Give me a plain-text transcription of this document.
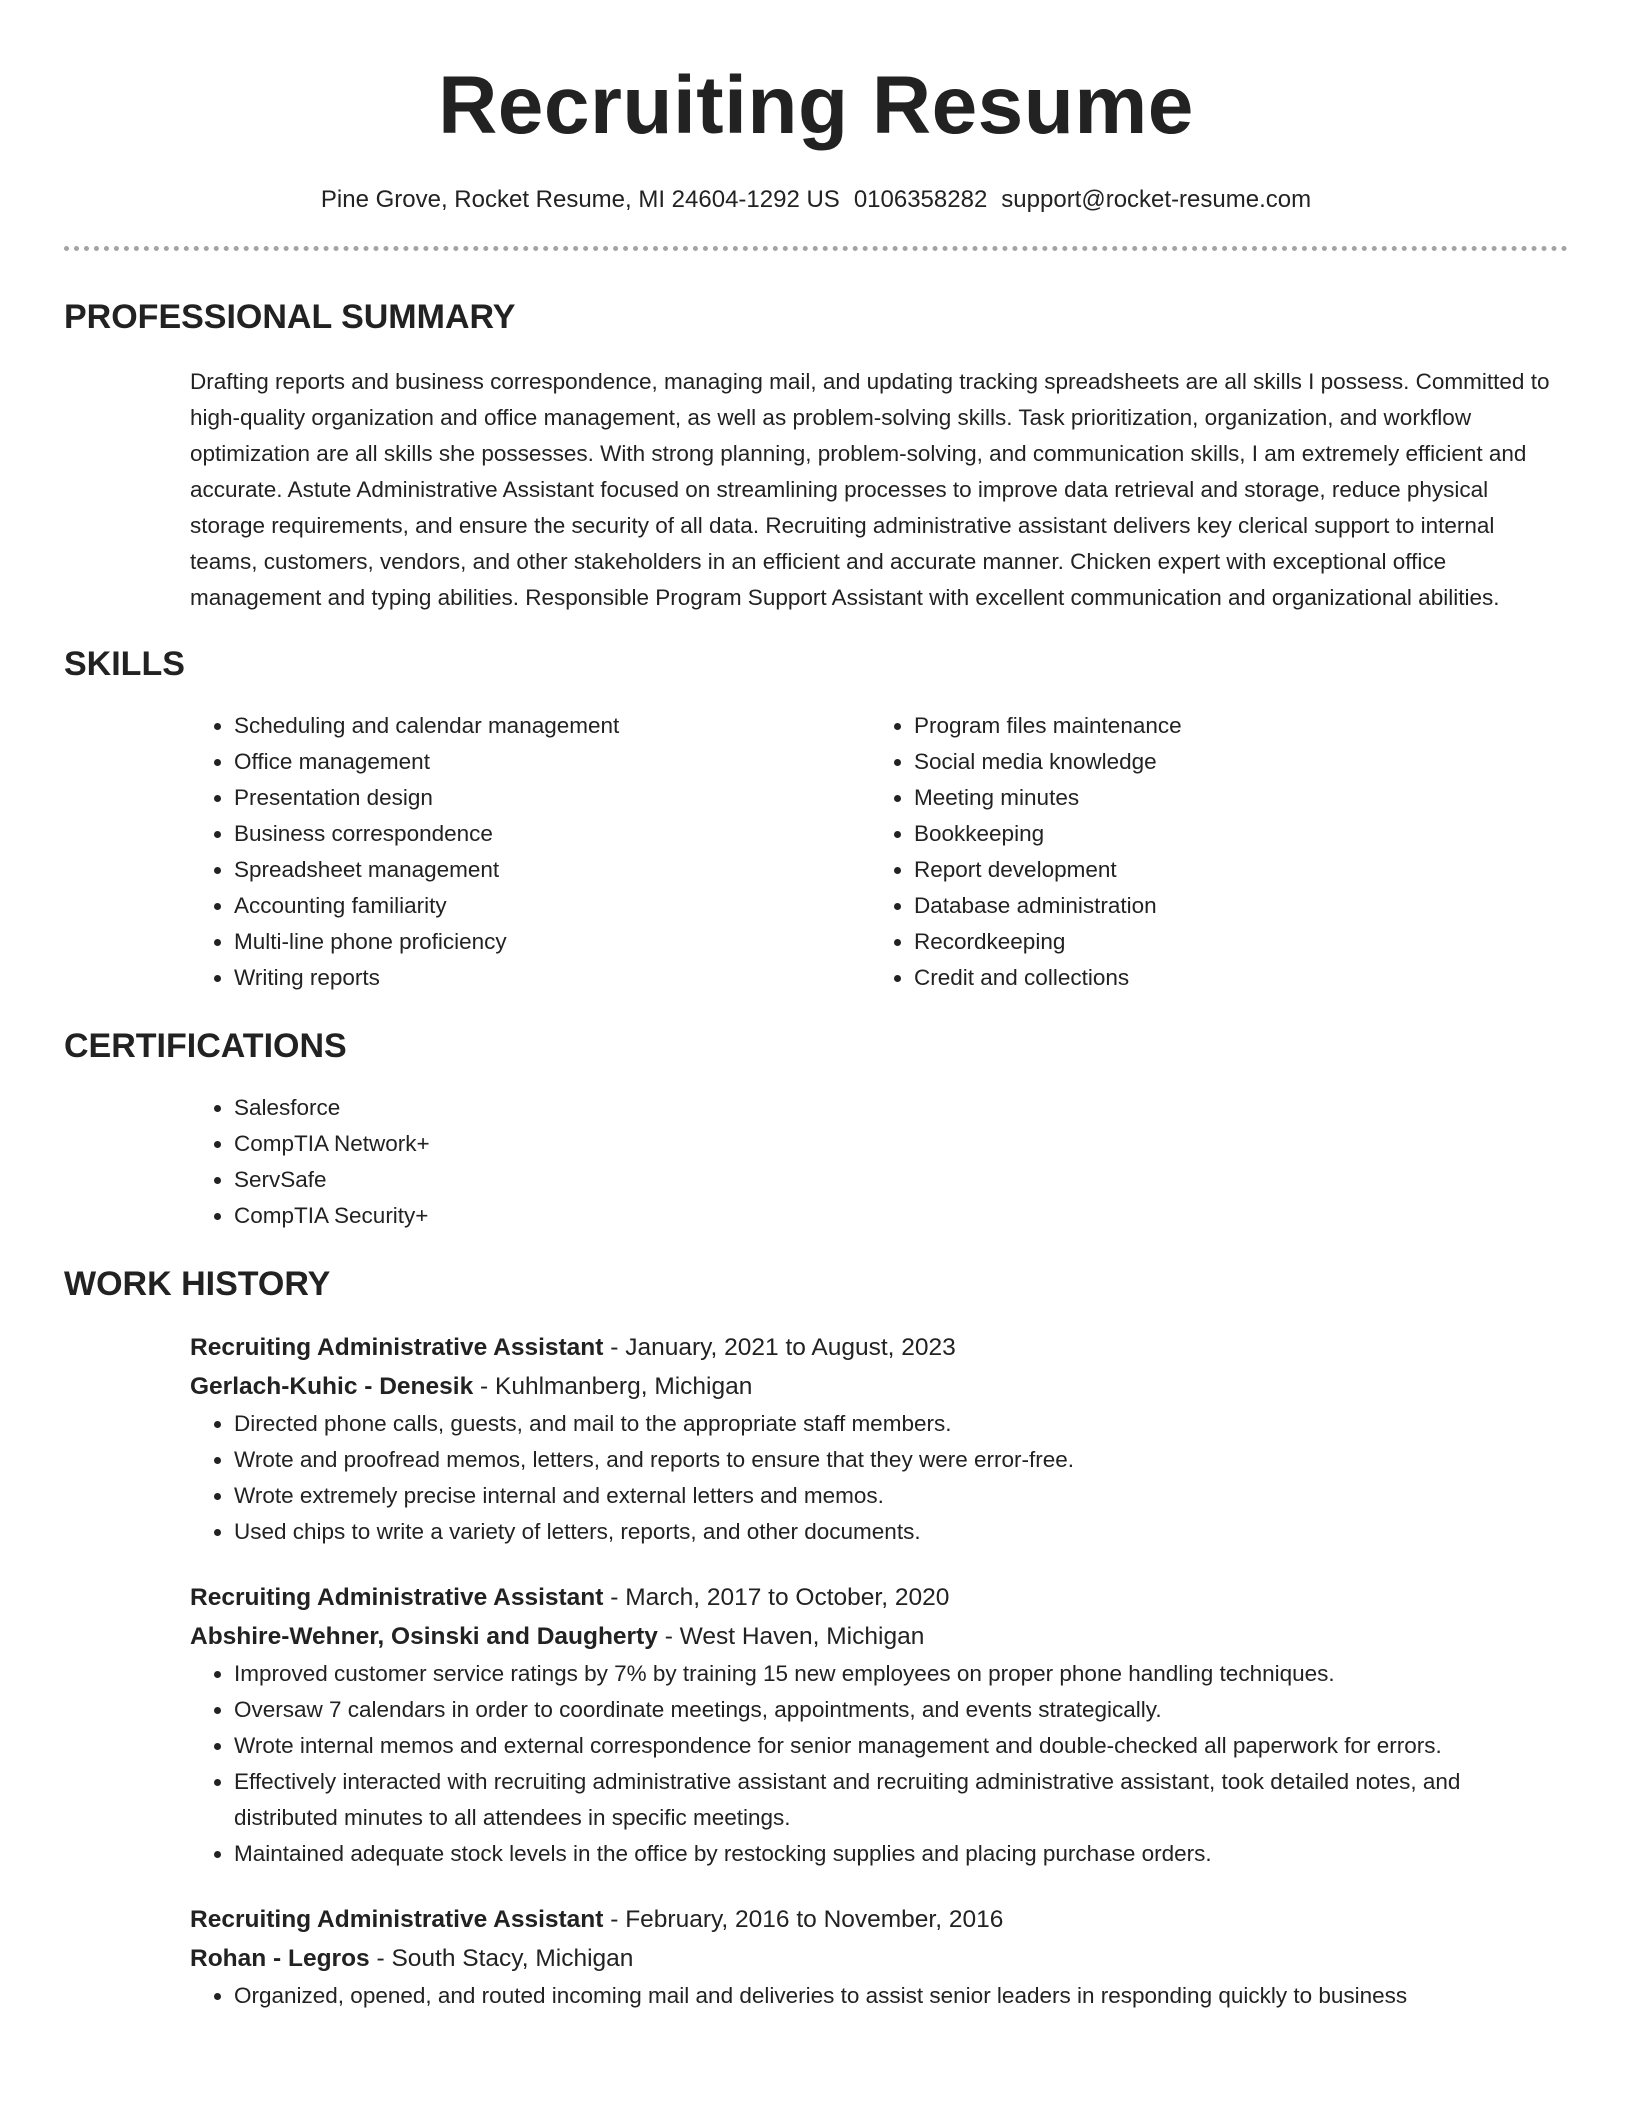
Recruiting Resume
Pine Grove, Rocket Resume, MI 24604-1292 US 0106358282 support@rocket-resume.com
PROFESSIONAL SUMMARY
Drafting reports and business correspondence, managing mail, and updating tracking spreadsheets are all skills I possess. Committed to high-quality organization and office management, as well as problem-solving skills. Task prioritization, organization, and workflow optimization are all skills she possesses. With strong planning, problem-solving, and communication skills, I am extremely efficient and accurate. Astute Administrative Assistant focused on streamlining processes to improve data retrieval and storage, reduce physical storage requirements, and ensure the security of all data. Recruiting administrative assistant delivers key clerical support to internal teams, customers, vendors, and other stakeholders in an efficient and accurate manner. Chicken expert with exceptional office management and typing abilities. Responsible Program Support Assistant with excellent communication and organizational abilities.
SKILLS
• Scheduling and calendar management
• Office management
• Presentation design
• Business correspondence
• Spreadsheet management
• Accounting familiarity
• Multi-line phone proficiency
• Writing reports
• Program files maintenance
• Social media knowledge
• Meeting minutes
• Bookkeeping
• Report development
• Database administration
• Recordkeeping
• Credit and collections
CERTIFICATIONS
• Salesforce
• CompTIA Network+
• ServSafe
• CompTIA Security+
WORK HISTORY
Recruiting Administrative Assistant - January, 2021 to August, 2023
Gerlach-Kuhic - Denesik - Kuhlmanberg, Michigan
• Directed phone calls, guests, and mail to the appropriate staff members.
• Wrote and proofread memos, letters, and reports to ensure that they were error-free.
• Wrote extremely precise internal and external letters and memos.
• Used chips to write a variety of letters, reports, and other documents.
Recruiting Administrative Assistant - March, 2017 to October, 2020
Abshire-Wehner, Osinski and Daugherty - West Haven, Michigan
• Improved customer service ratings by 7% by training 15 new employees on proper phone handling techniques.
• Oversaw 7 calendars in order to coordinate meetings, appointments, and events strategically.
• Wrote internal memos and external correspondence for senior management and double-checked all paperwork for errors.
• Effectively interacted with recruiting administrative assistant and recruiting administrative assistant, took detailed notes, and distributed minutes to all attendees in specific meetings.
• Maintained adequate stock levels in the office by restocking supplies and placing purchase orders.
Recruiting Administrative Assistant - February, 2016 to November, 2016
Rohan - Legros - South Stacy, Michigan
• Organized, opened, and routed incoming mail and deliveries to assist senior leaders in responding quickly to business
